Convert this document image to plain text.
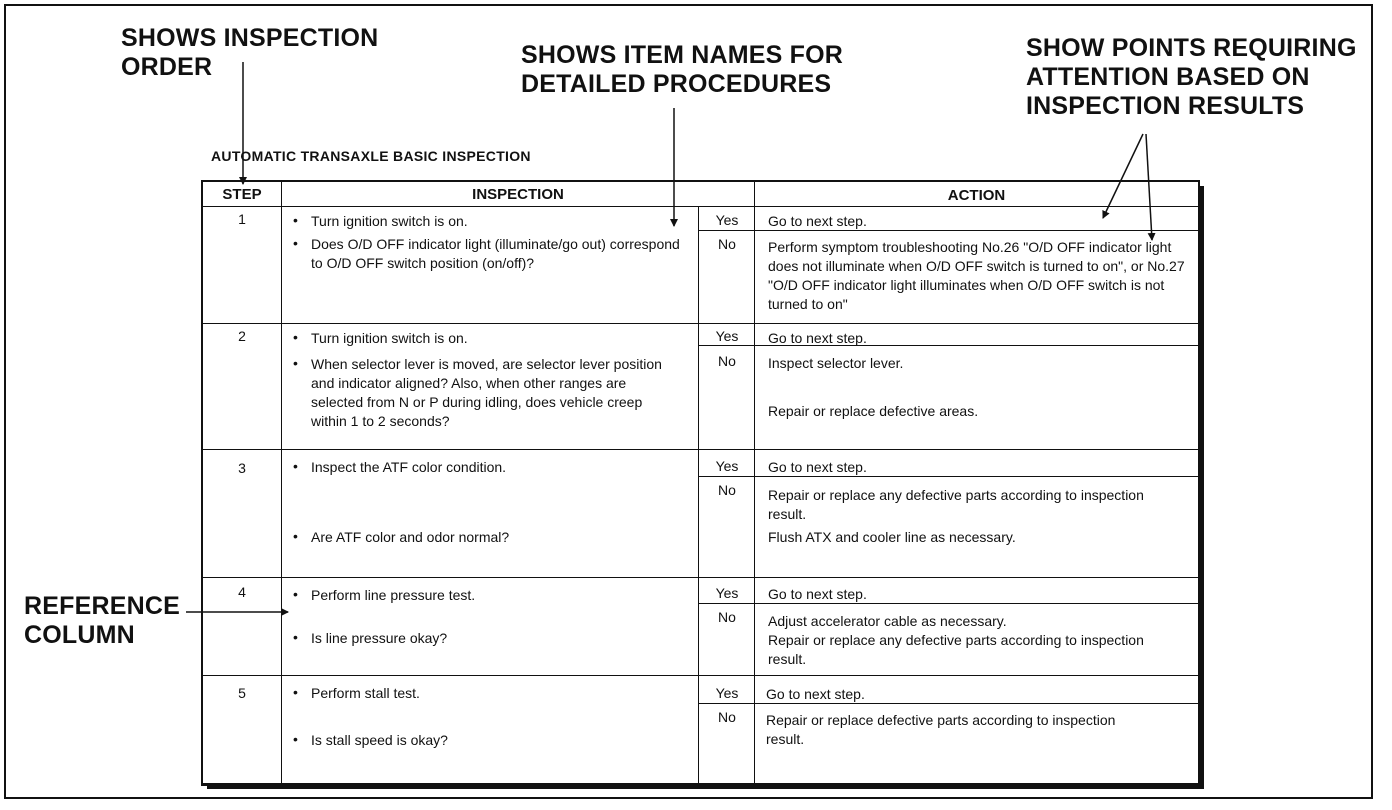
SHOWS INSPECTION
ORDER	SHOWS ITEM NAMES FOR
DETAILED PROCEDURES
SHOW POINTS REQUIRING
ATTENTION BASED ON
INSPECTION RESULTS
REFERENCE
COLUMN
AUTOMATIC TRANSAXLE BASIC INSPECTION
STEP	INSPECTION	ACTION
1	• Turn ignition switch is on.
• Does O/D OFF indicator light (illuminate/go out) correspond to O/D OFF switch position (on/off)?
Yes	Go to next step.
No	Perform symptom troubleshooting No.26 "O/D OFF indicator light does not illuminate when O/D OFF switch is turned to on", or No.27 "O/D OFF indicator light illuminates when O/D OFF switch is not turned to on"
2	• Turn ignition switch is on.
• When selector lever is moved, are selector lever position and indicator aligned? Also, when other ranges are selected from N or P during idling, does vehicle creep within 1 to 2 seconds?
Yes	Go to next step.
No	Inspect selector lever.
Repair or replace defective areas.
3	• Inspect the ATF color condition.
• Are ATF color and odor normal?
Yes	Go to next step.
No	Repair or replace any defective parts according to inspection result.
Flush ATX and cooler line as necessary.
4	• Perform line pressure test.
• Is line pressure okay?
Yes	Go to next step.
No	Adjust accelerator cable as necessary.
Repair or replace any defective parts according to inspection result.
5	• Perform stall test.
• Is stall speed is okay?
Yes	Go to next step.
No	Repair or replace defective parts according to inspection result.
